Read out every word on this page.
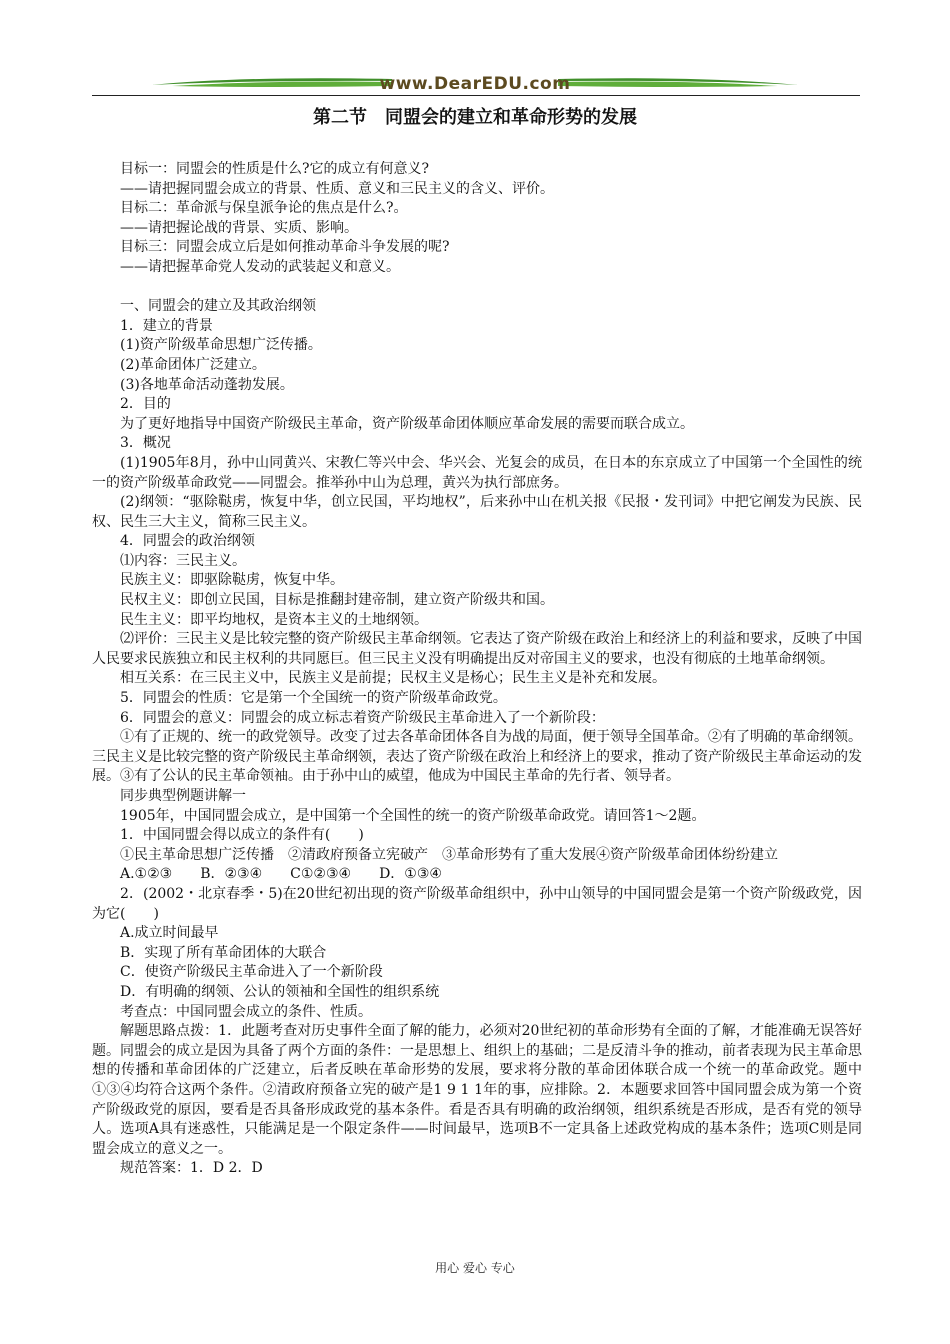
www.DearEDU.com
第二节　同盟会的建立和革命形势的发展

目标一：同盟会的性质是什么?它的成立有何意义?

——请把握同盟会成立的背景、性质、意义和三民主义的含义、评价。

目标二：革命派与保皇派争论的焦点是什么?。

——请把握论战的背景、实质、影响。

目标三：同盟会成立后是如何推动革命斗争发展的呢?

——请把握革命党人发动的武装起义和意义。

一、同盟会的建立及其政治纲领

1．建立的背景

(1)资产阶级革命思想广泛传播。

(2)革命团体广泛建立。

(3)各地革命活动蓬勃发展。

2．目的

为了更好地指导中国资产阶级民主革命，资产阶级革命团体顺应革命发展的需要而联合成立。

3．概况

(1)1905年8月，孙中山同黄兴、宋教仁等兴中会、华兴会、光复会的成员，在日本的东京成立了中国第一个全国性的统一的资产阶级革命政党——同盟会。推举孙中山为总理，黄兴为执行部庶务。

(2)纲领：“驱除鞑虏，恢复中华，创立民国，平均地权”，后来孙中山在机关报《民报・发刊词》中把它阐发为民族、民权、民生三大主义，简称三民主义。

4．同盟会的政治纲领

⑴内容：三民主义。

民族主义：即驱除鞑虏，恢复中华。

民权主义：即创立民国，目标是推翻封建帝制，建立资产阶级共和国。

民生主义：即平均地权，是资本主义的土地纲领。

⑵评价：三民主义是比较完整的资产阶级民主革命纲领。它表达了资产阶级在政治上和经济上的利益和要求，反映了中国人民要求民族独立和民主权利的共同愿巨。但三民主义没有明确提出反对帝国主义的要求，也没有彻底的土地革命纲领。

相互关系：在三民主义中，民族主义是前提；民权主义是杨心；民生主义是补充和发展。

5．同盟会的性质：它是第一个全国统一的资产阶级革命政党。

6．同盟会的意义：同盟会的成立标志着资产阶级民主革命进入了一个新阶段：

①有了正规的、统一的政党领导。改变了过去各革命团体各自为战的局面，便于领导全国革命。②有了明确的革命纲领。三民主义是比较完整的资产阶级民主革命纲领，表达了资产阶级在政治上和经济上的要求，推动了资产阶级民主革命运动的发展。③有了公认的民主革命领袖。由于孙中山的威望，他成为中国民主革命的先行者、领导者。

同步典型例题讲解一

1905年，中国同盟会成立，是中国第一个全国性的统一的资产阶级革命政党。请回答1～2题。

1．中国同盟会得以成立的条件有(　　)

①民主革命思想广泛传播　②清政府预备立宪破产　③革命形势有了重大发展④资产阶级革命团体纷纷建立

A.①②③　　B．②③④　　C①②③④　　D．①③④

2．(2002・北京春季・5)在20世纪初出现的资产阶级革命组织中，孙中山领导的中国同盟会是第一个资产阶级政党，因为它(　　)

A.成立时间最早

B．实现了所有革命团体的大联合

C．使资产阶级民主革命进入了一个新阶段

D．有明确的纲领、公认的领袖和全国性的组织系统

考查点：中国同盟会成立的条件、性质。

解题思路点拨：1．此题考查对历史事件全面了解的能力，必须对20世纪初的革命形势有全面的了解，才能准确无误答好题。同盟会的成立是因为具备了两个方面的条件：一是思想上、组织上的基础；二是反清斗争的推动，前者表现为民主革命思想的传播和革命团体的广泛建立，后者反映在革命形势的发展，要求将分散的革命团体联合成一个统一的革命政党。题中①③④均符合这两个条件。②清政府预备立宪的破产是1 9 1 1年的事，应排除。2．本题要求回答中国同盟会成为第一个资产阶级政党的原因，要看是否具备形成政党的基本条件。看是否具有明确的政治纲领，组织系统是否形成，是否有党的领导人。选项A具有迷惑性，只能满足是一个限定条件——时间最早，选项B不一定具备上述政党构成的基本条件；选项C则是同盟会成立的意义之一。

规范答案：1．D 2．D

用心 爱心 专心
